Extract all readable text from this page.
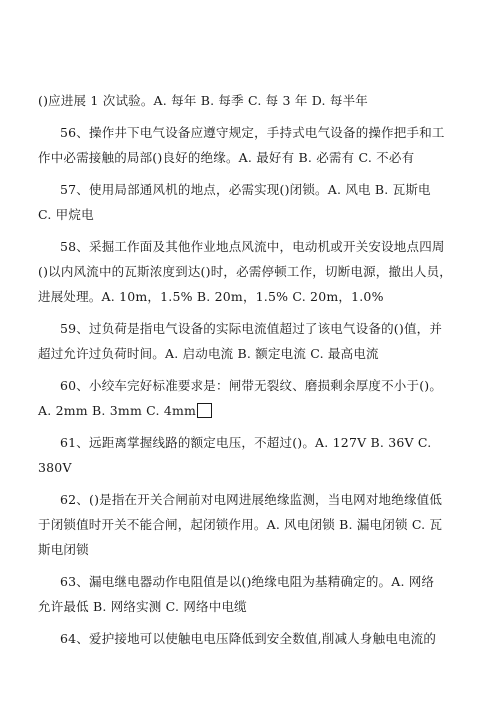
()应进展 1 次试验。A. 每年 B. 每季 C. 每 3 年 D. 每半年
56、操作井下电气设备应遵守规定，手持式电气设备的操作把手和工
作中必需接触的局部()良好的绝缘。A. 最好有 B. 必需有 C. 不必有
57、使用局部通风机的地点，必需实现()闭锁。A. 风电 B. 瓦斯电
C. 甲烷电
58、采掘工作面及其他作业地点风流中，电动机或开关安设地点四周
()以内风流中的瓦斯浓度到达()时，必需停顿工作，切断电源，撤出人员，
进展处理。A. 10m，1.5% B. 20m，1.5% C. 20m，1.0%
59、过负荷是指电气设备的实际电流值超过了该电气设备的()值，并
超过允许过负荷时间。A. 启动电流 B. 额定电流 C. 最高电流
60、小绞车完好标准要求是：闸带无裂纹、磨损剩余厚度不小于()。
A. 2mm B. 3mm C. 4mm
61、远距离掌握线路的额定电压，不超过()。A. 127V B. 36V C.
380V
62、()是指在开关合闸前对电网进展绝缘监测，当电网对地绝缘值低
于闭锁值时开关不能合闸，起闭锁作用。A. 风电闭锁 B. 漏电闭锁 C. 瓦
斯电闭锁
63、漏电继电器动作电阻值是以()绝缘电阻为基精确定的。A. 网络
允许最低 B. 网络实测 C. 网络中电缆
64、爱护接地可以使触电电压降低到安全数值,削减人身触电电流的
